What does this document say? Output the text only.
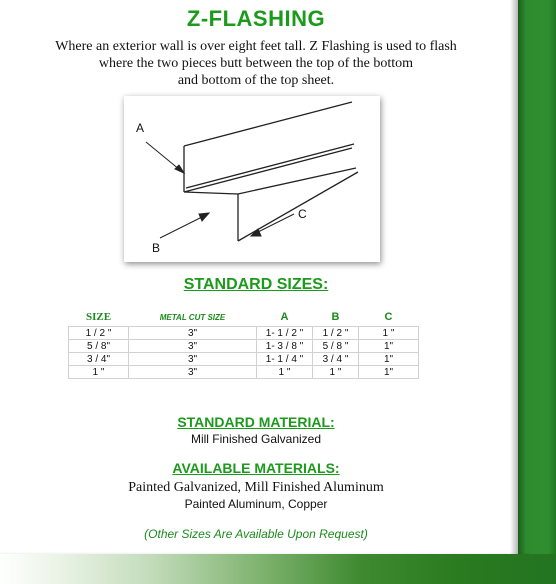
Z-FLASHING
Where an exterior wall is over eight feet tall. Z Flashing is used to flash
where the two pieces butt between the top of the bottom
and bottom of the top sheet.
A
B
C
STANDARD SIZES:
SIZE	METAL CUT SIZE	A	B	C
1 / 2 "	3"	1- 1 / 2 "	1 / 2 "	1 "
5 / 8"	3"	1- 3 / 8 "	5 / 8 "	1"
3 / 4"	3"	1- 1 / 4 "	3 / 4 "	1"
1 "	3"	1 "	1 "	1"
STANDARD MATERIAL:
Mill Finished Galvanized
AVAILABLE MATERIALS:
Painted Galvanized, Mill Finished Aluminum
Painted Aluminum, Copper
(Other Sizes Are Available Upon Request)
